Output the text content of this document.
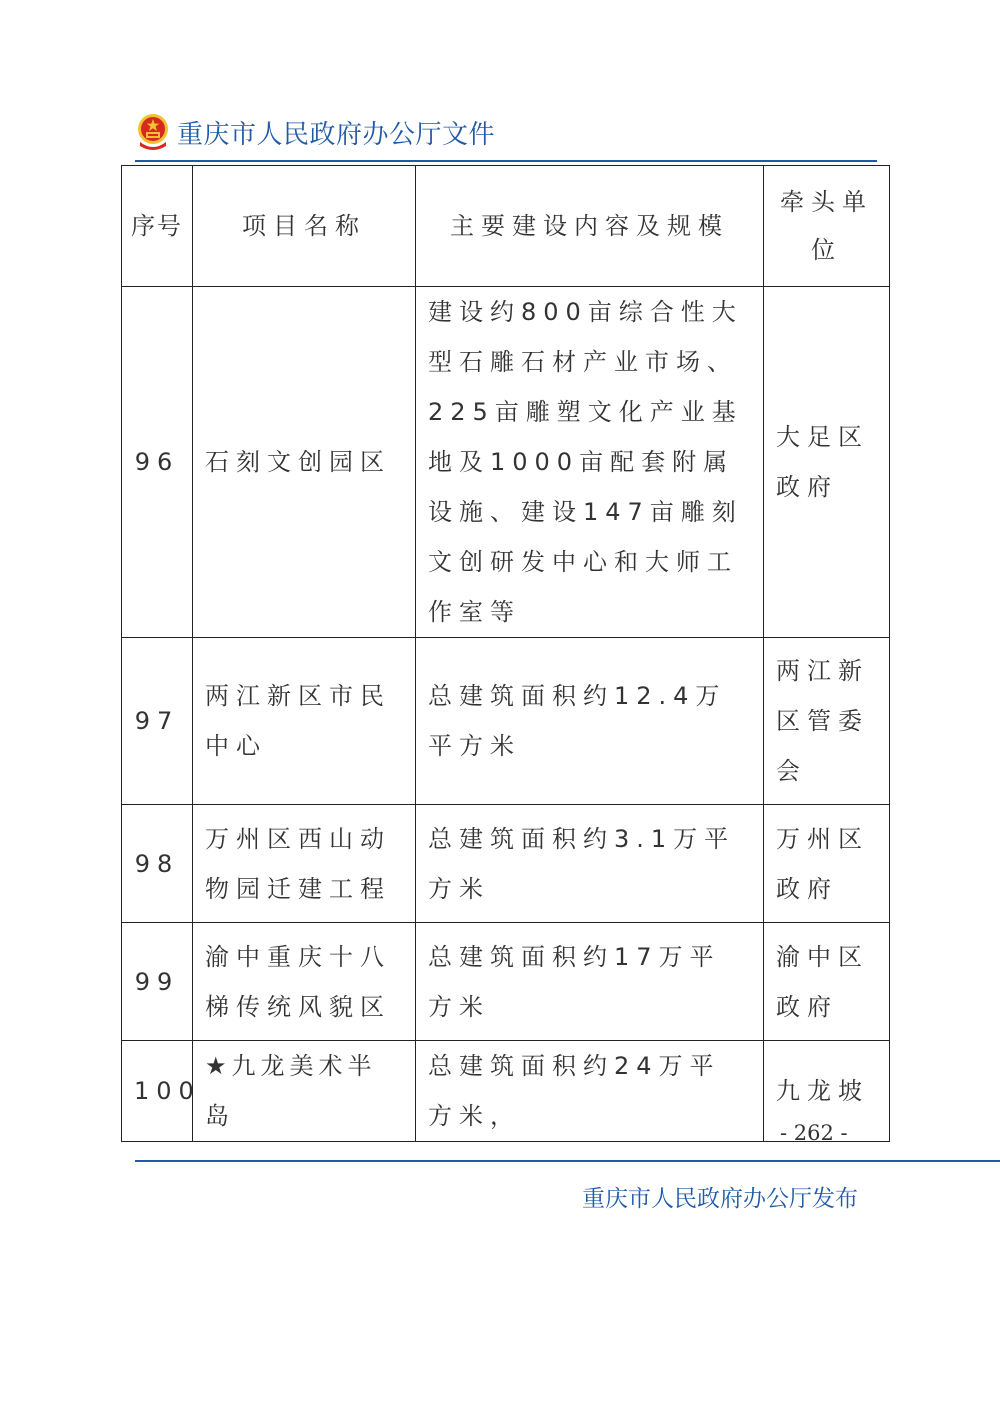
重庆市人民政府办公厅文件
序号	项目名称	主要建设内容及规模	牵头单位
96	石刻文创园区	建设约800亩综合性大型石雕石材产业市场、225亩雕塑文化产业基地及1000亩配套附属设施、建设147亩雕刻文创研发中心和大师工作室等	大足区政府
97	两江新区市民中心	总建筑面积约12.4万平方米	两江新区管委会
98	万州区西山动物园迁建工程	总建筑面积约3.1万平方米	万州区政府
99	渝中重庆十八梯传统风貌区	总建筑面积约17万平方米	渝中区政府
100	★九龙美术半岛	总建筑面积约24万平方米，	九龙坡
- 262 -
重庆市人民政府办公厅发布
